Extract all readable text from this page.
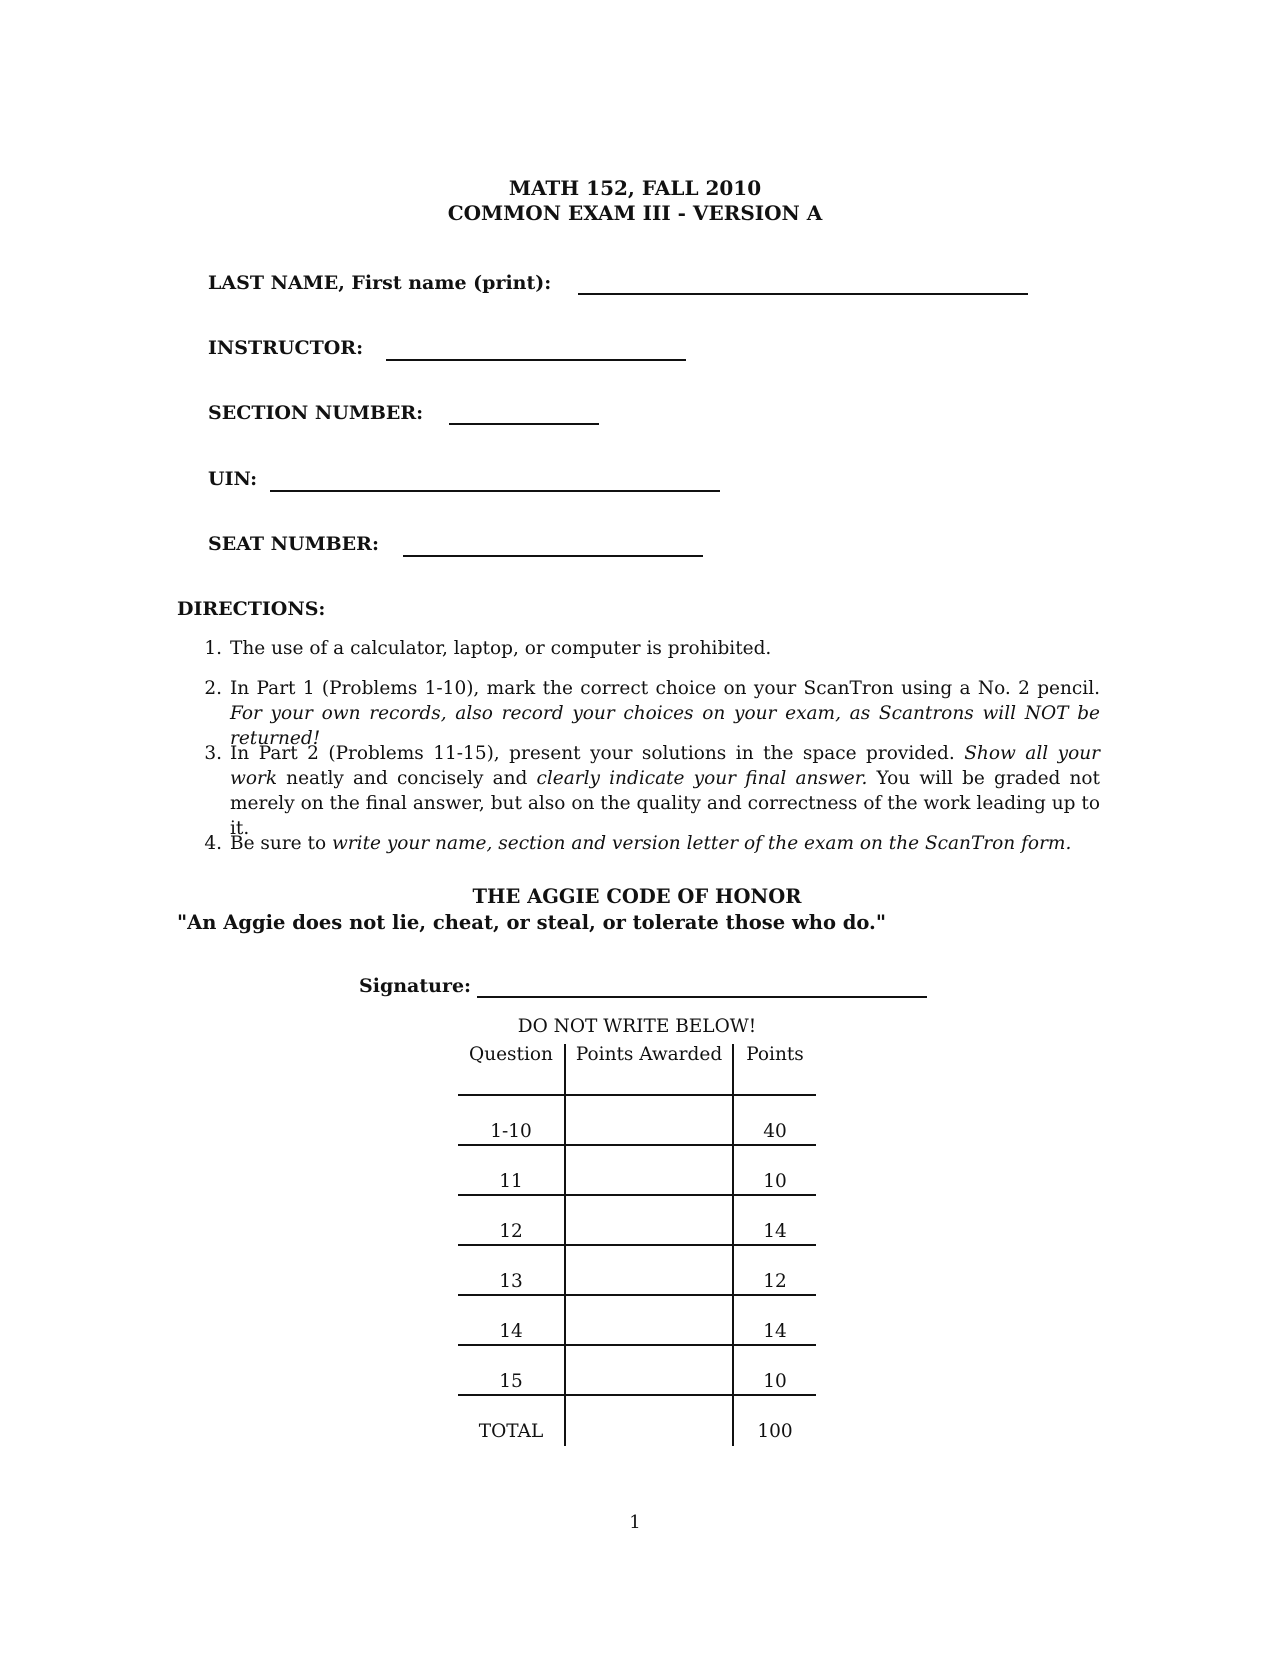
MATH 152, FALL 2010
COMMON EXAM III - VERSION A
LAST NAME, First name (print):
INSTRUCTOR:
SECTION NUMBER:
UIN:
SEAT NUMBER:
DIRECTIONS:
1. The use of a calculator, laptop, or computer is prohibited.
2. In Part 1 (Problems 1-10), mark the correct choice on your ScanTron using a No. 2 pencil. For your own records, also record your choices on your exam, as Scantrons will NOT be returned!
3. In Part 2 (Problems 11-15), present your solutions in the space provided. Show all your work neatly and concisely and clearly indicate your final answer. You will be graded not merely on the final answer, but also on the quality and correctness of the work leading up to it.
4. Be sure to write your name, section and version letter of the exam on the ScanTron form.
THE AGGIE CODE OF HONOR
"An Aggie does not lie, cheat, or steal, or tolerate those who do."
Signature:
DO NOT WRITE BELOW!
Question	Points Awarded	Points

1-10		40

11		10

12		14

13		12

14		14

15		10

TOTAL		100
1
